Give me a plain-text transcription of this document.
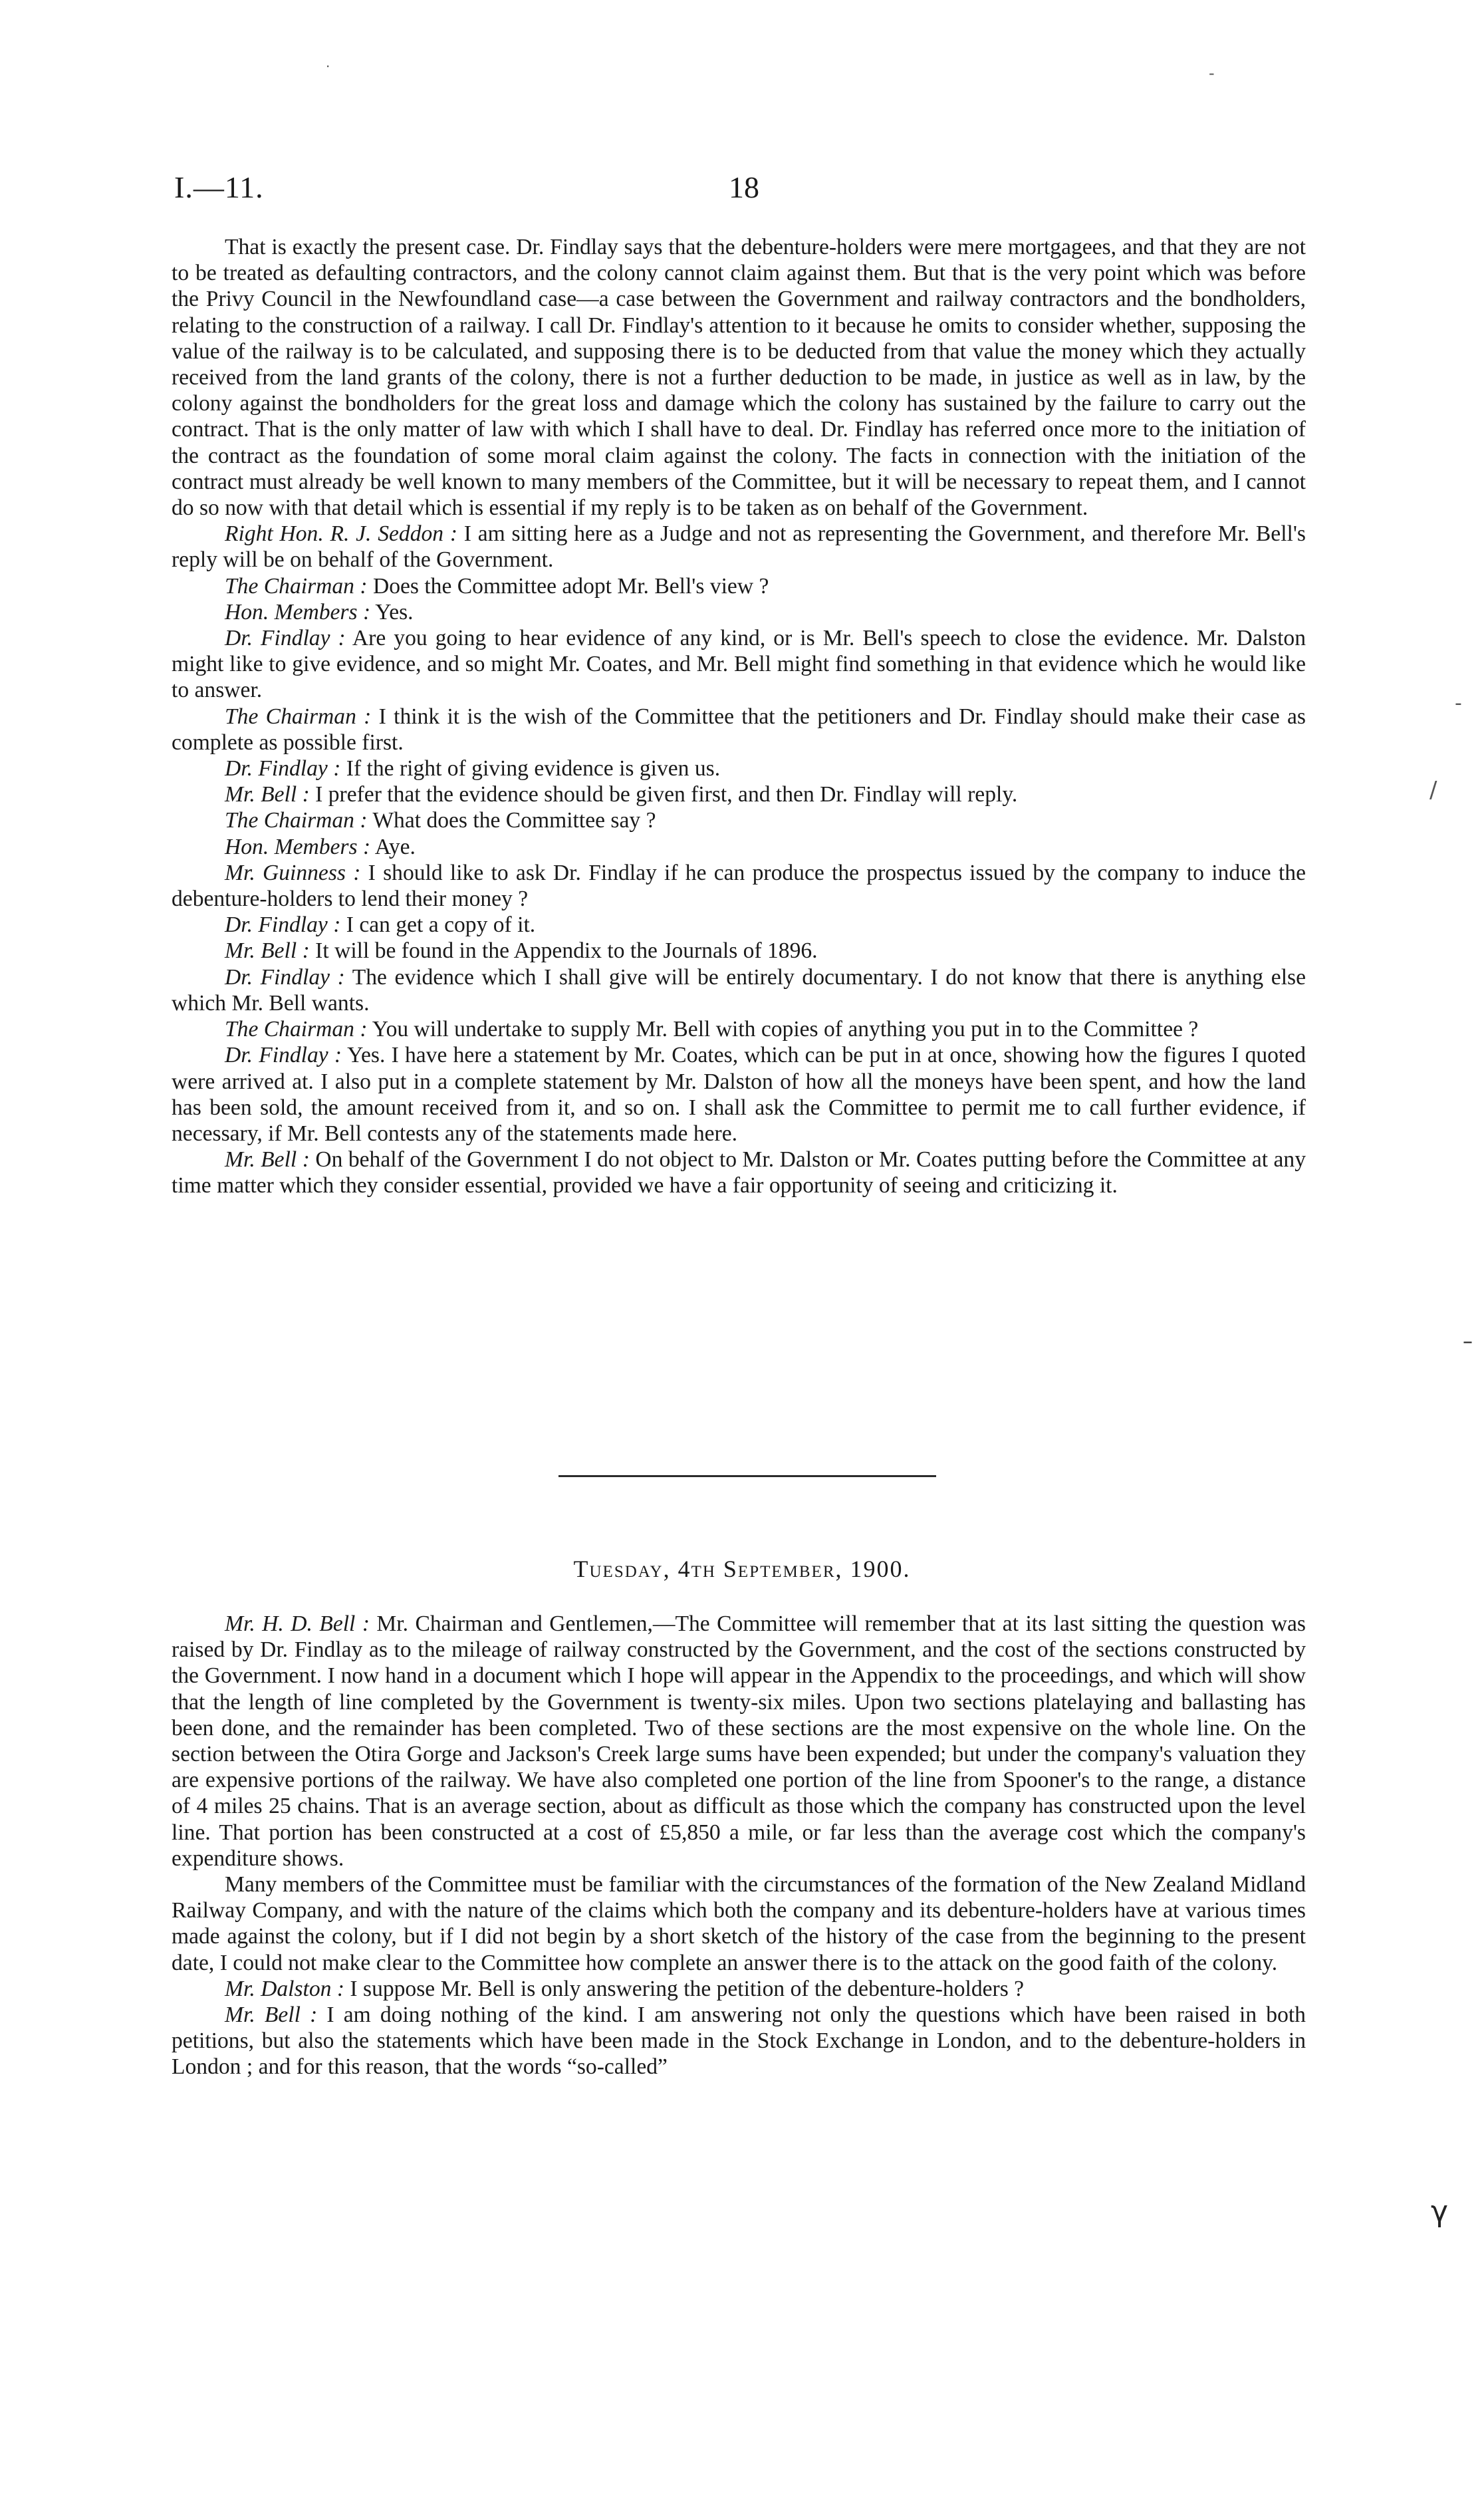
I.—11.	18

That is exactly the present case. Dr. Findlay says that the debenture-holders were mere mortgagees, and that they are not to be treated as defaulting contractors, and the colony cannot claim against them. But that is the very point which was before the Privy Council in the Newfoundland case—a case between the Government and railway contractors and the bondholders, relating to the construction of a railway. I call Dr. Findlay's attention to it because he omits to consider whether, supposing the value of the railway is to be calculated, and supposing there is to be deducted from that value the money which they actually received from the land grants of the colony, there is not a further deduction to be made, in justice as well as in law, by the colony against the bondholders for the great loss and damage which the colony has sustained by the failure to carry out the contract. That is the only matter of law with which I shall have to deal. Dr. Findlay has referred once more to the initiation of the contract as the foundation of some moral claim against the colony. The facts in connection with the initiation of the contract must already be well known to many members of the Committee, but it will be necessary to repeat them, and I cannot do so now with that detail which is essential if my reply is to be taken as on behalf of the Government.

Right Hon. R. J. Seddon : I am sitting here as a Judge and not as representing the Government, and therefore Mr. Bell's reply will be on behalf of the Government.

The Chairman : Does the Committee adopt Mr. Bell's view ?

Hon. Members : Yes.

Dr. Findlay : Are you going to hear evidence of any kind, or is Mr. Bell's speech to close the evidence. Mr. Dalston might like to give evidence, and so might Mr. Coates, and Mr. Bell might find something in that evidence which he would like to answer.

The Chairman : I think it is the wish of the Committee that the petitioners and Dr. Findlay should make their case as complete as possible first.

Dr. Findlay : If the right of giving evidence is given us.

Mr. Bell : I prefer that the evidence should be given first, and then Dr. Findlay will reply.

The Chairman : What does the Committee say ?

Hon. Members : Aye.

Mr. Guinness : I should like to ask Dr. Findlay if he can produce the prospectus issued by the company to induce the debenture-holders to lend their money ?

Dr. Findlay : I can get a copy of it.

Mr. Bell : It will be found in the Appendix to the Journals of 1896.

Dr. Findlay : The evidence which I shall give will be entirely documentary. I do not know that there is anything else which Mr. Bell wants.

The Chairman : You will undertake to supply Mr. Bell with copies of anything you put in to the Committee ?

Dr. Findlay : Yes. I have here a statement by Mr. Coates, which can be put in at once, showing how the figures I quoted were arrived at. I also put in a complete statement by Mr. Dalston of how all the moneys have been spent, and how the land has been sold, the amount received from it, and so on. I shall ask the Committee to permit me to call further evidence, if necessary, if Mr. Bell contests any of the statements made here.

Mr. Bell : On behalf of the Government I do not object to Mr. Dalston or Mr. Coates putting before the Committee at any time matter which they consider essential, provided we have a fair opportunity of seeing and criticizing it.

Tuesday, 4th September, 1900.

Mr. H. D. Bell : Mr. Chairman and Gentlemen,—The Committee will remember that at its last sitting the question was raised by Dr. Findlay as to the mileage of railway constructed by the Government, and the cost of the sections constructed by the Government. I now hand in a document which I hope will appear in the Appendix to the proceedings, and which will show that the length of line completed by the Government is twenty-six miles. Upon two sections platelaying and ballasting has been done, and the remainder has been completed. Two of these sections are the most expensive on the whole line. On the section between the Otira Gorge and Jackson's Creek large sums have been expended; but under the company's valuation they are expensive portions of the railway. We have also completed one portion of the line from Spooner's to the range, a distance of 4 miles 25 chains. That is an average section, about as difficult as those which the company has constructed upon the level line. That portion has been constructed at a cost of £5,850 a mile, or far less than the average cost which the company's expenditure shows.

Many members of the Committee must be familiar with the circumstances of the formation of the New Zealand Midland Railway Company, and with the nature of the claims which both the company and its debenture-holders have at various times made against the colony, but if I did not begin by a short sketch of the history of the case from the beginning to the present date, I could not make clear to the Committee how complete an answer there is to the attack on the good faith of the colony.

Mr. Dalston : I suppose Mr. Bell is only answering the petition of the debenture-holders ?

Mr. Bell : I am doing nothing of the kind. I am answering not only the questions which have been raised in both petitions, but also the statements which have been made in the Stock Exchange in London, and to the debenture-holders in London ; and for this reason, that the words “so-called”

·	‐
‐
/
–
γ
